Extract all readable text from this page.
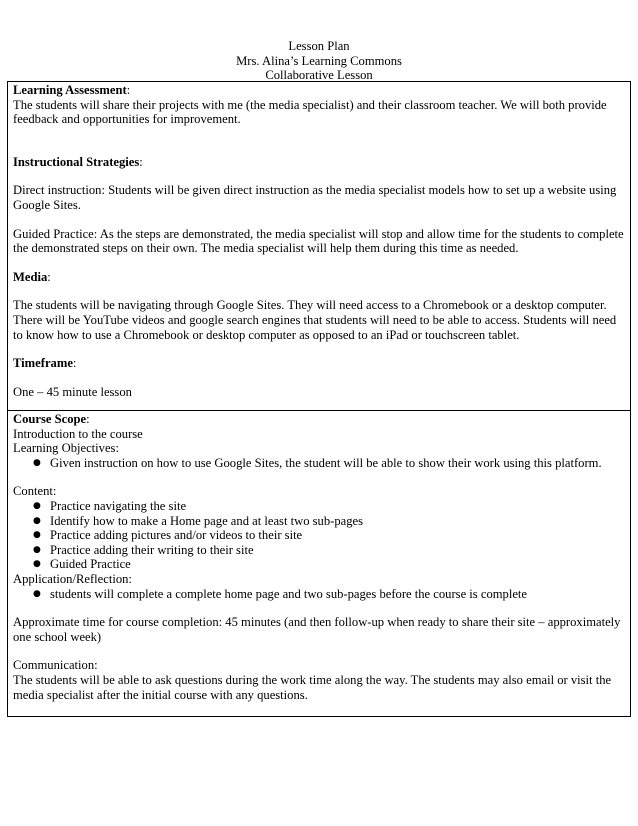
Lesson Plan
Mrs. Alina’s Learning Commons
Collaborative Lesson

Learning Assessment:

The students will share their projects with me (the media specialist) and their classroom teacher. We will both provide feedback and opportunities for improvement.

Instructional Strategies:

Direct instruction: Students will be given direct instruction as the media specialist models how to set up a website using Google Sites.

Guided Practice: As the steps are demonstrated, the media specialist will stop and allow time for the students to complete the demonstrated steps on their own. The media specialist will help them during this time as needed.

Media:

The students will be navigating through Google Sites. They will need access to a Chromebook or a desktop computer. There will be YouTube videos and google search engines that students will need to be able to access. Students will need to know how to use a Chromebook or desktop computer as opposed to an iPad or touchscreen tablet.

Timeframe:

One – 45 minute lesson

Course Scope:

Introduction to the course

Learning Objectives:

● Given instruction on how to use Google Sites, the student will be able to show their work using this platform.

Content:

● Practice navigating the site
● Identify how to make a Home page and at least two sub-pages
● Practice adding pictures and/or videos to their site
● Practice adding their writing to their site
● Guided Practice

Application/Reflection:

● students will complete a complete home page and two sub-pages before the course is complete

Approximate time for course completion: 45 minutes (and then follow-up when ready to share their site – approximately one school week)

Communication:

The students will be able to ask questions during the work time along the way. The students may also email or visit the media specialist after the initial course with any questions.
